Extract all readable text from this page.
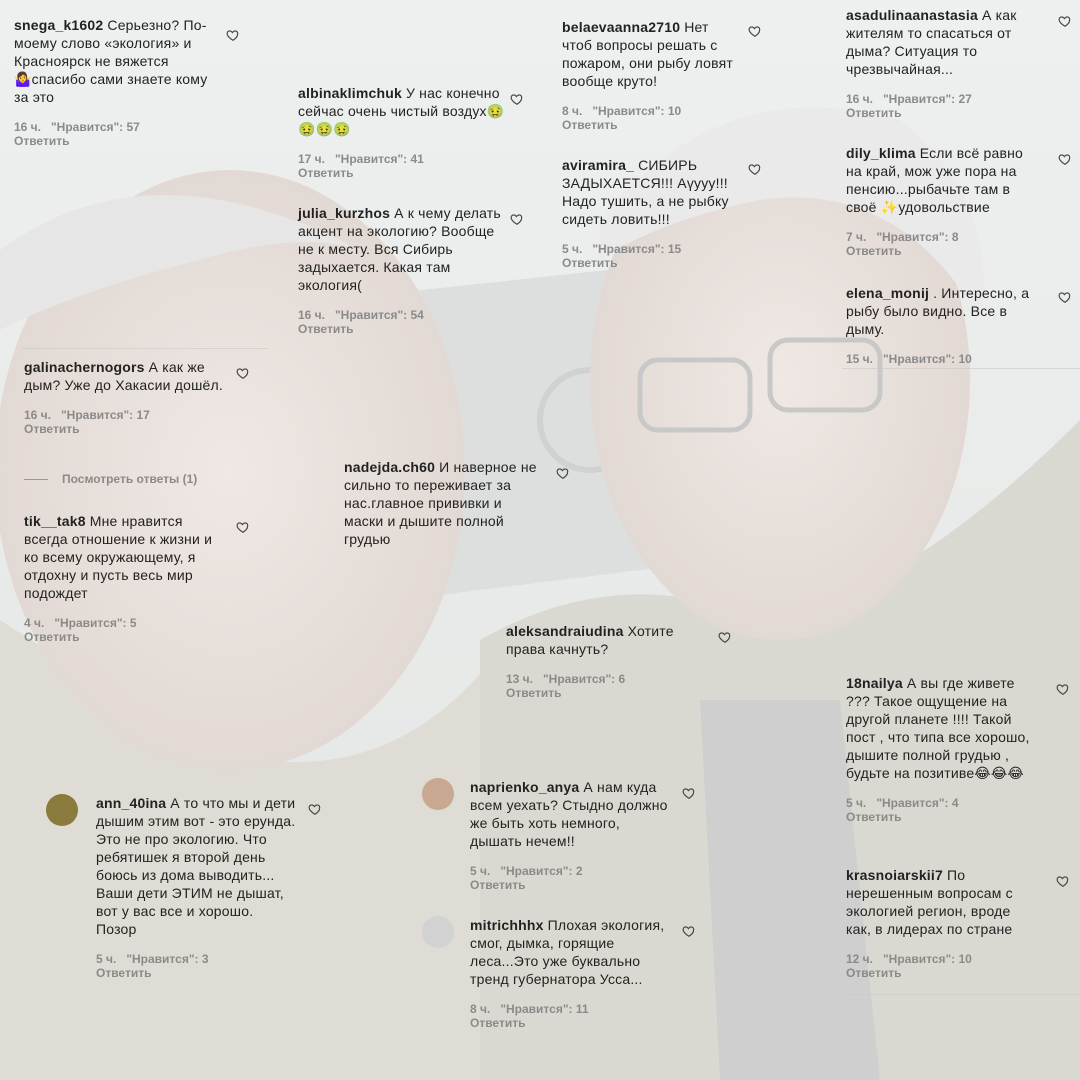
snega_k1602 Серьезно? По-моему слово «экология» и Красноярск не вяжется🤷‍♀️спасибо сами знаете кому за это
16 ч. "Нравится": 57
Ответить
albinaklimchuk У нас конечно сейчас очень чистый воздух🤢🤢🤢🤢
17 ч. "Нравится": 41
Ответить
julia_kurzhos А к чему делать акцент на экологию? Вообще не к месту. Вся Сибирь задыхается. Какая там экология(
16 ч. "Нравится": 54
Ответить
belaevaanna2710 Нет чтоб вопросы решать с пожаром, они рыбу ловят вообще круто!
8 ч. "Нравится": 10
Ответить
aviramira_ СИБИРЬ ЗАДЫХАЕТСЯ!!! Аүууу!!! Надо тушить, а не рыбку сидеть ловить!!!
5 ч. "Нравится": 15
Ответить
asadulinaanastasia А как жителям то спасаться от дыма? Ситуация то чрезвычайная...
16 ч. "Нравится": 27
Ответить
dily_klima Если всё равно на край, мож уже пора на пенсию...рыбачьте там в своё ✨удовольствие
7 ч. "Нравится": 8
Ответить
elena_monij . Интересно, а рыбу было видно. Все в дыму.
15 ч. "Нравится": 10
galinachernogors А как же дым? Уже до Хакасии дошёл.
16 ч. "Нравится": 17
Ответить
tik__tak8 Мне нравится всегда отношение к жизни и ко всему окружающему, я отдохну и пусть весь мир подождет
4 ч. "Нравится": 5
Ответить
nadejda.ch60 И наверное не сильно то переживает за нас.главное прививки и маски и дышите полной грудью
aleksandraiudina Хотите права качнуть?
13 ч. "Нравится": 6
Ответить
18nailya А вы где живете ??? Такое ощущение на другой планете !!!! Такой пост , что типа все хорошо, дышите полной грудью , будьте на позитиве😂😂😂
5 ч. "Нравится": 4
Ответить
ann_40ina А то что мы и дети дышим этим вот - это ерунда. Это не про экологию. Что ребятишек я второй день боюсь из дома выводить... Ваши дети ЭТИМ не дышат, вот у вас все и хорошо. Позор
5 ч. "Нравится": 3
Ответить
naprienko_anya А нам куда всем уехать? Стыдно должно же быть хоть немного, дышать нечем!!
5 ч. "Нравится": 2
Ответить
mitrichhhx Плохая экология, смог, дымка, горящие леса...Это уже буквально тренд губернатора Усса...
8 ч. "Нравится": 11
Ответить
krasnoiarskii7 По нерешенным вопросам с экологией регион, вроде как, в лидерах по стране
12 ч. "Нравится": 10
Ответить
Посмотреть ответы (1)
